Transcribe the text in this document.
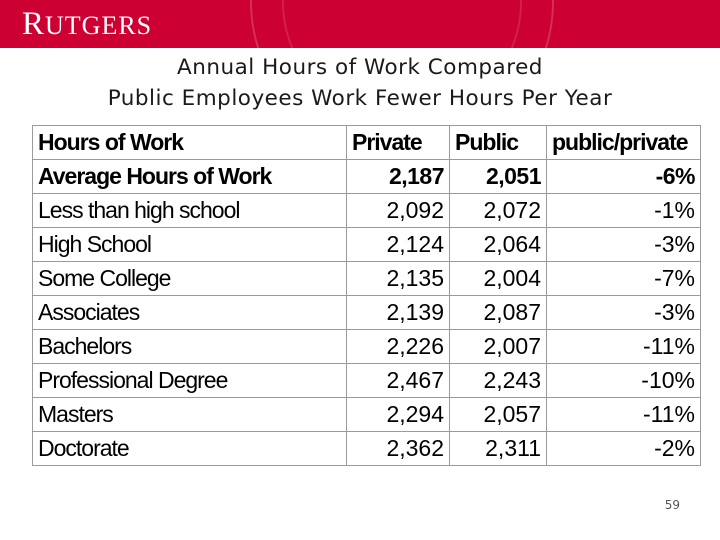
RUTGERS
Annual Hours of Work Compared
Public Employees Work Fewer Hours Per Year
Hours of Work	Private	Public	public/private
Average Hours of Work	2,187	2,051	-6%
Less than high school	2,092	2,072	-1%
High School	2,124	2,064	-3%
Some College	2,135	2,004	-7%
Associates	2,139	2,087	-3%
Bachelors	2,226	2,007	-11%
Professional Degree	2,467	2,243	-10%
Masters	2,294	2,057	-11%
Doctorate	2,362	2,311	-2%
59
